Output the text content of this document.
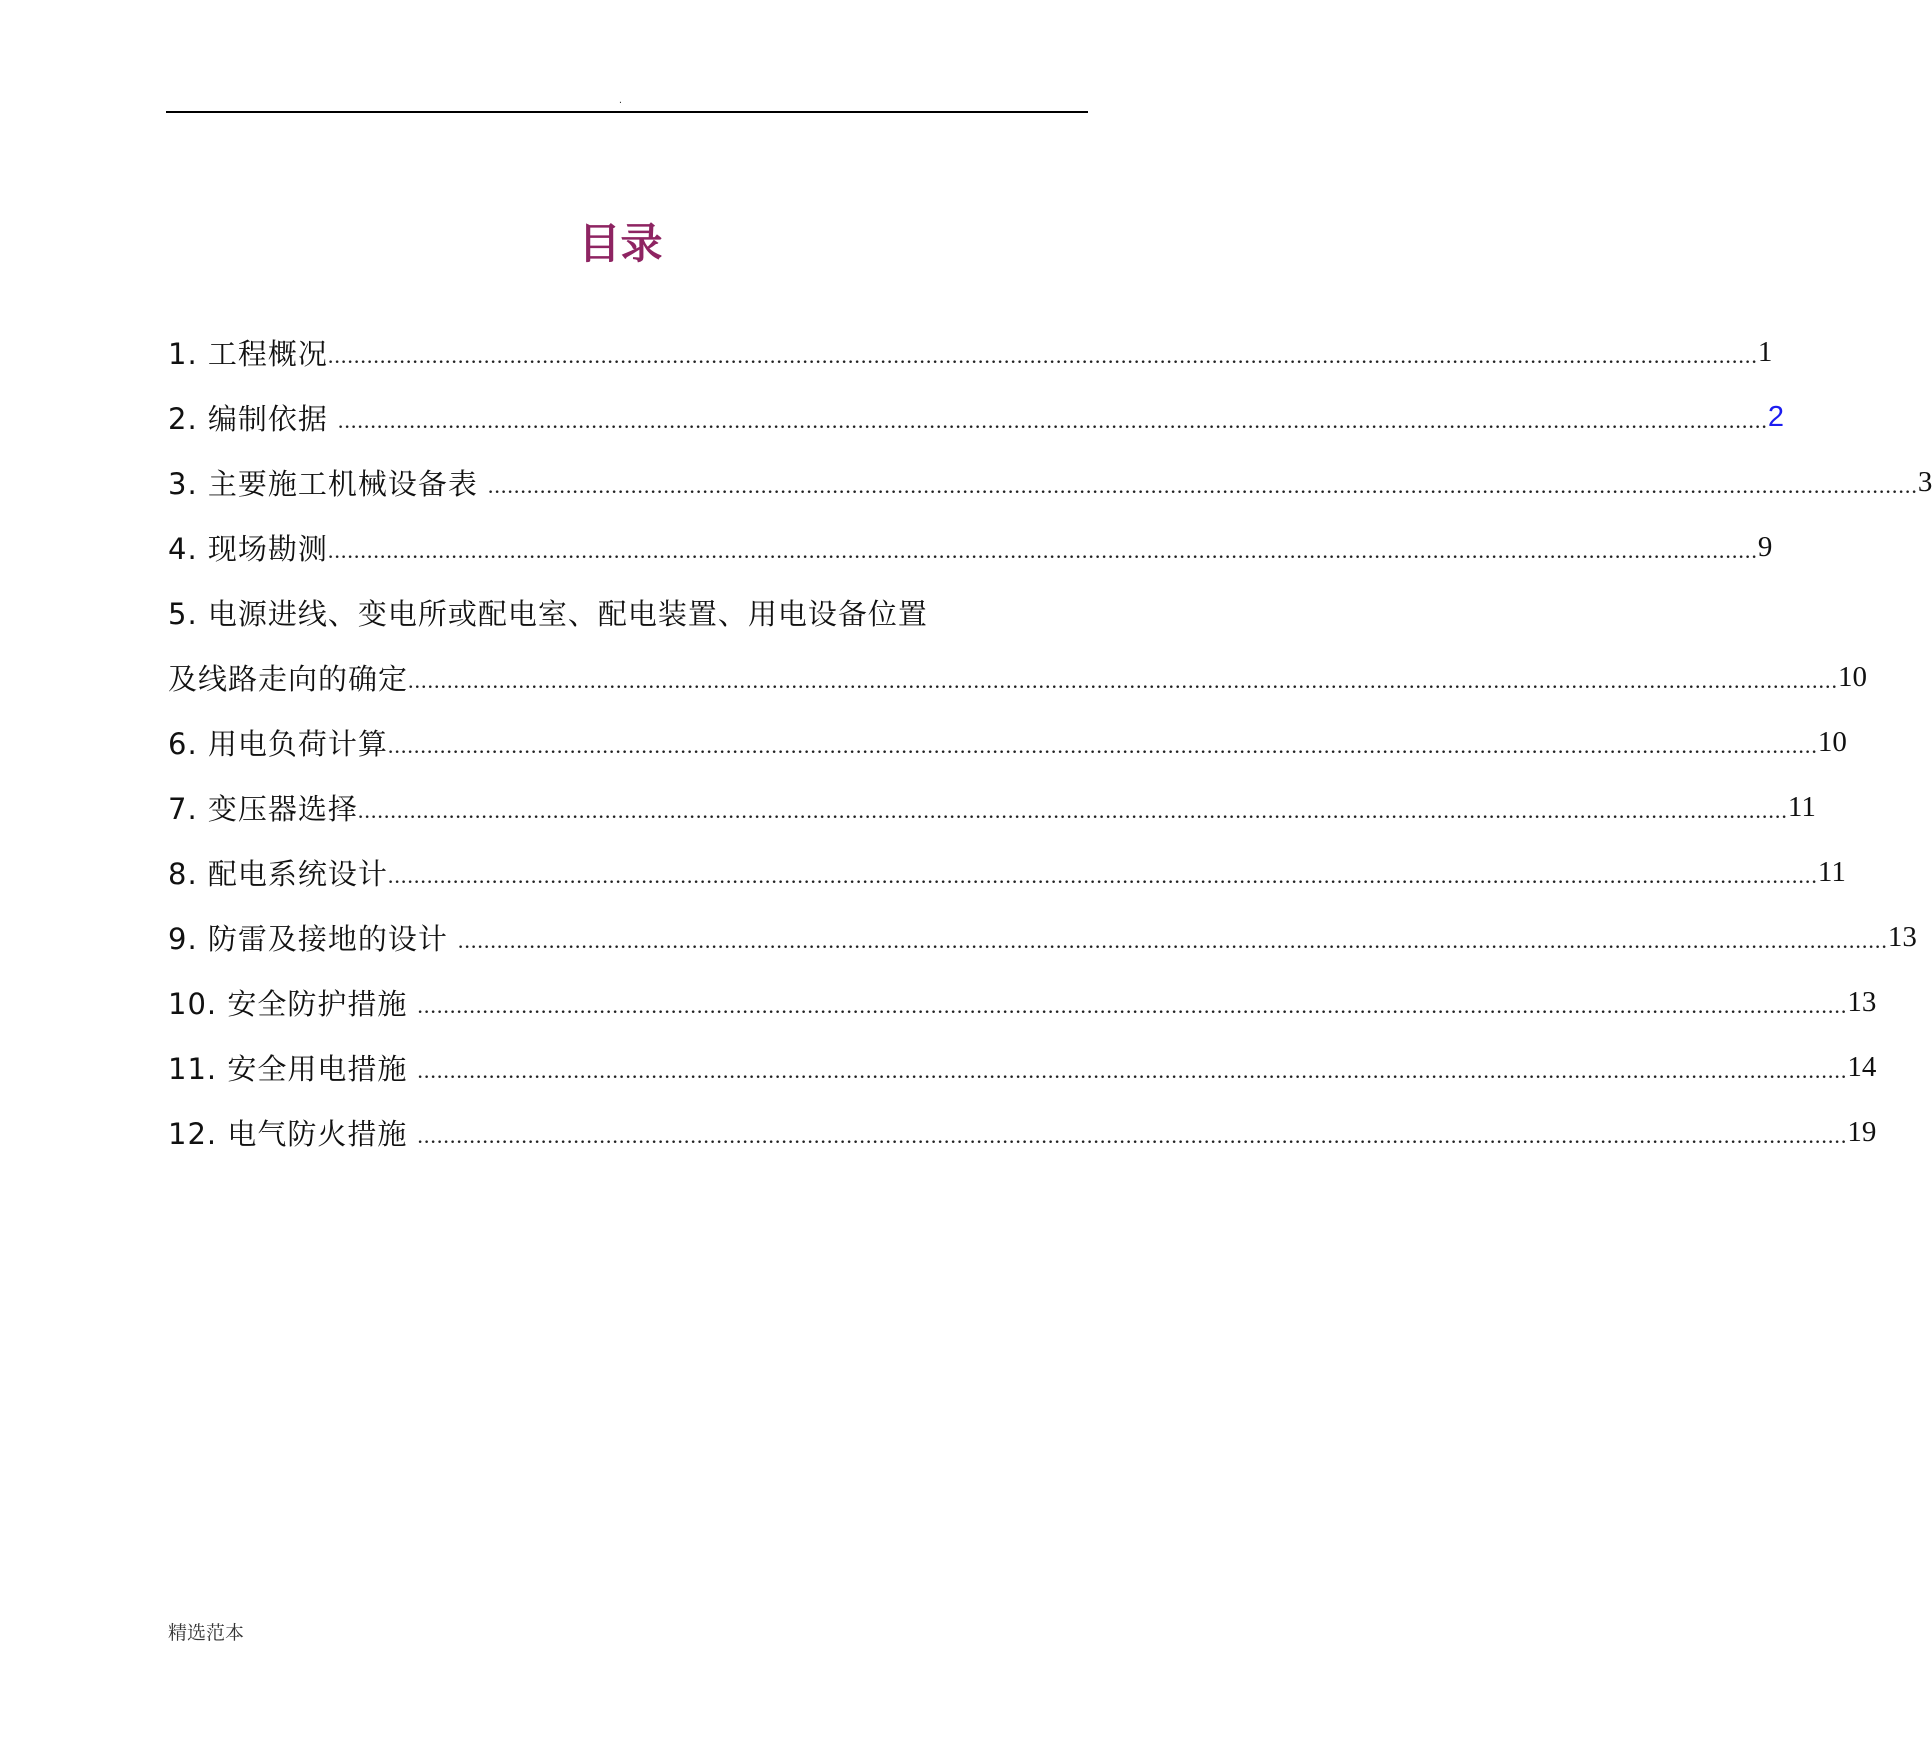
.
目录
1. 工程概况 ............................................................................................................................................................................................................................ 1
2. 编制依据 ............................................................................................................................................................................................................................ 2
3. 主要施工机械设备表 ............................................................................................................................................................................................................................ 3
4. 现场勘测 ............................................................................................................................................................................................................................ 9
5. 电源进线、变电所或配电室、配电装置、用电设备位置
及线路走向的确定 ............................................................................................................................................................................................................................ 10
6. 用电负荷计算 ............................................................................................................................................................................................................................ 10
7. 变压器选择 ............................................................................................................................................................................................................................ 11
8. 配电系统设计 ............................................................................................................................................................................................................................ 11
9. 防雷及接地的设计 ............................................................................................................................................................................................................................ 13
10. 安全防护措施 ............................................................................................................................................................................................................................ 13
11. 安全用电措施 ............................................................................................................................................................................................................................ 14
12. 电气防火措施 ............................................................................................................................................................................................................................ 19
精选范本
